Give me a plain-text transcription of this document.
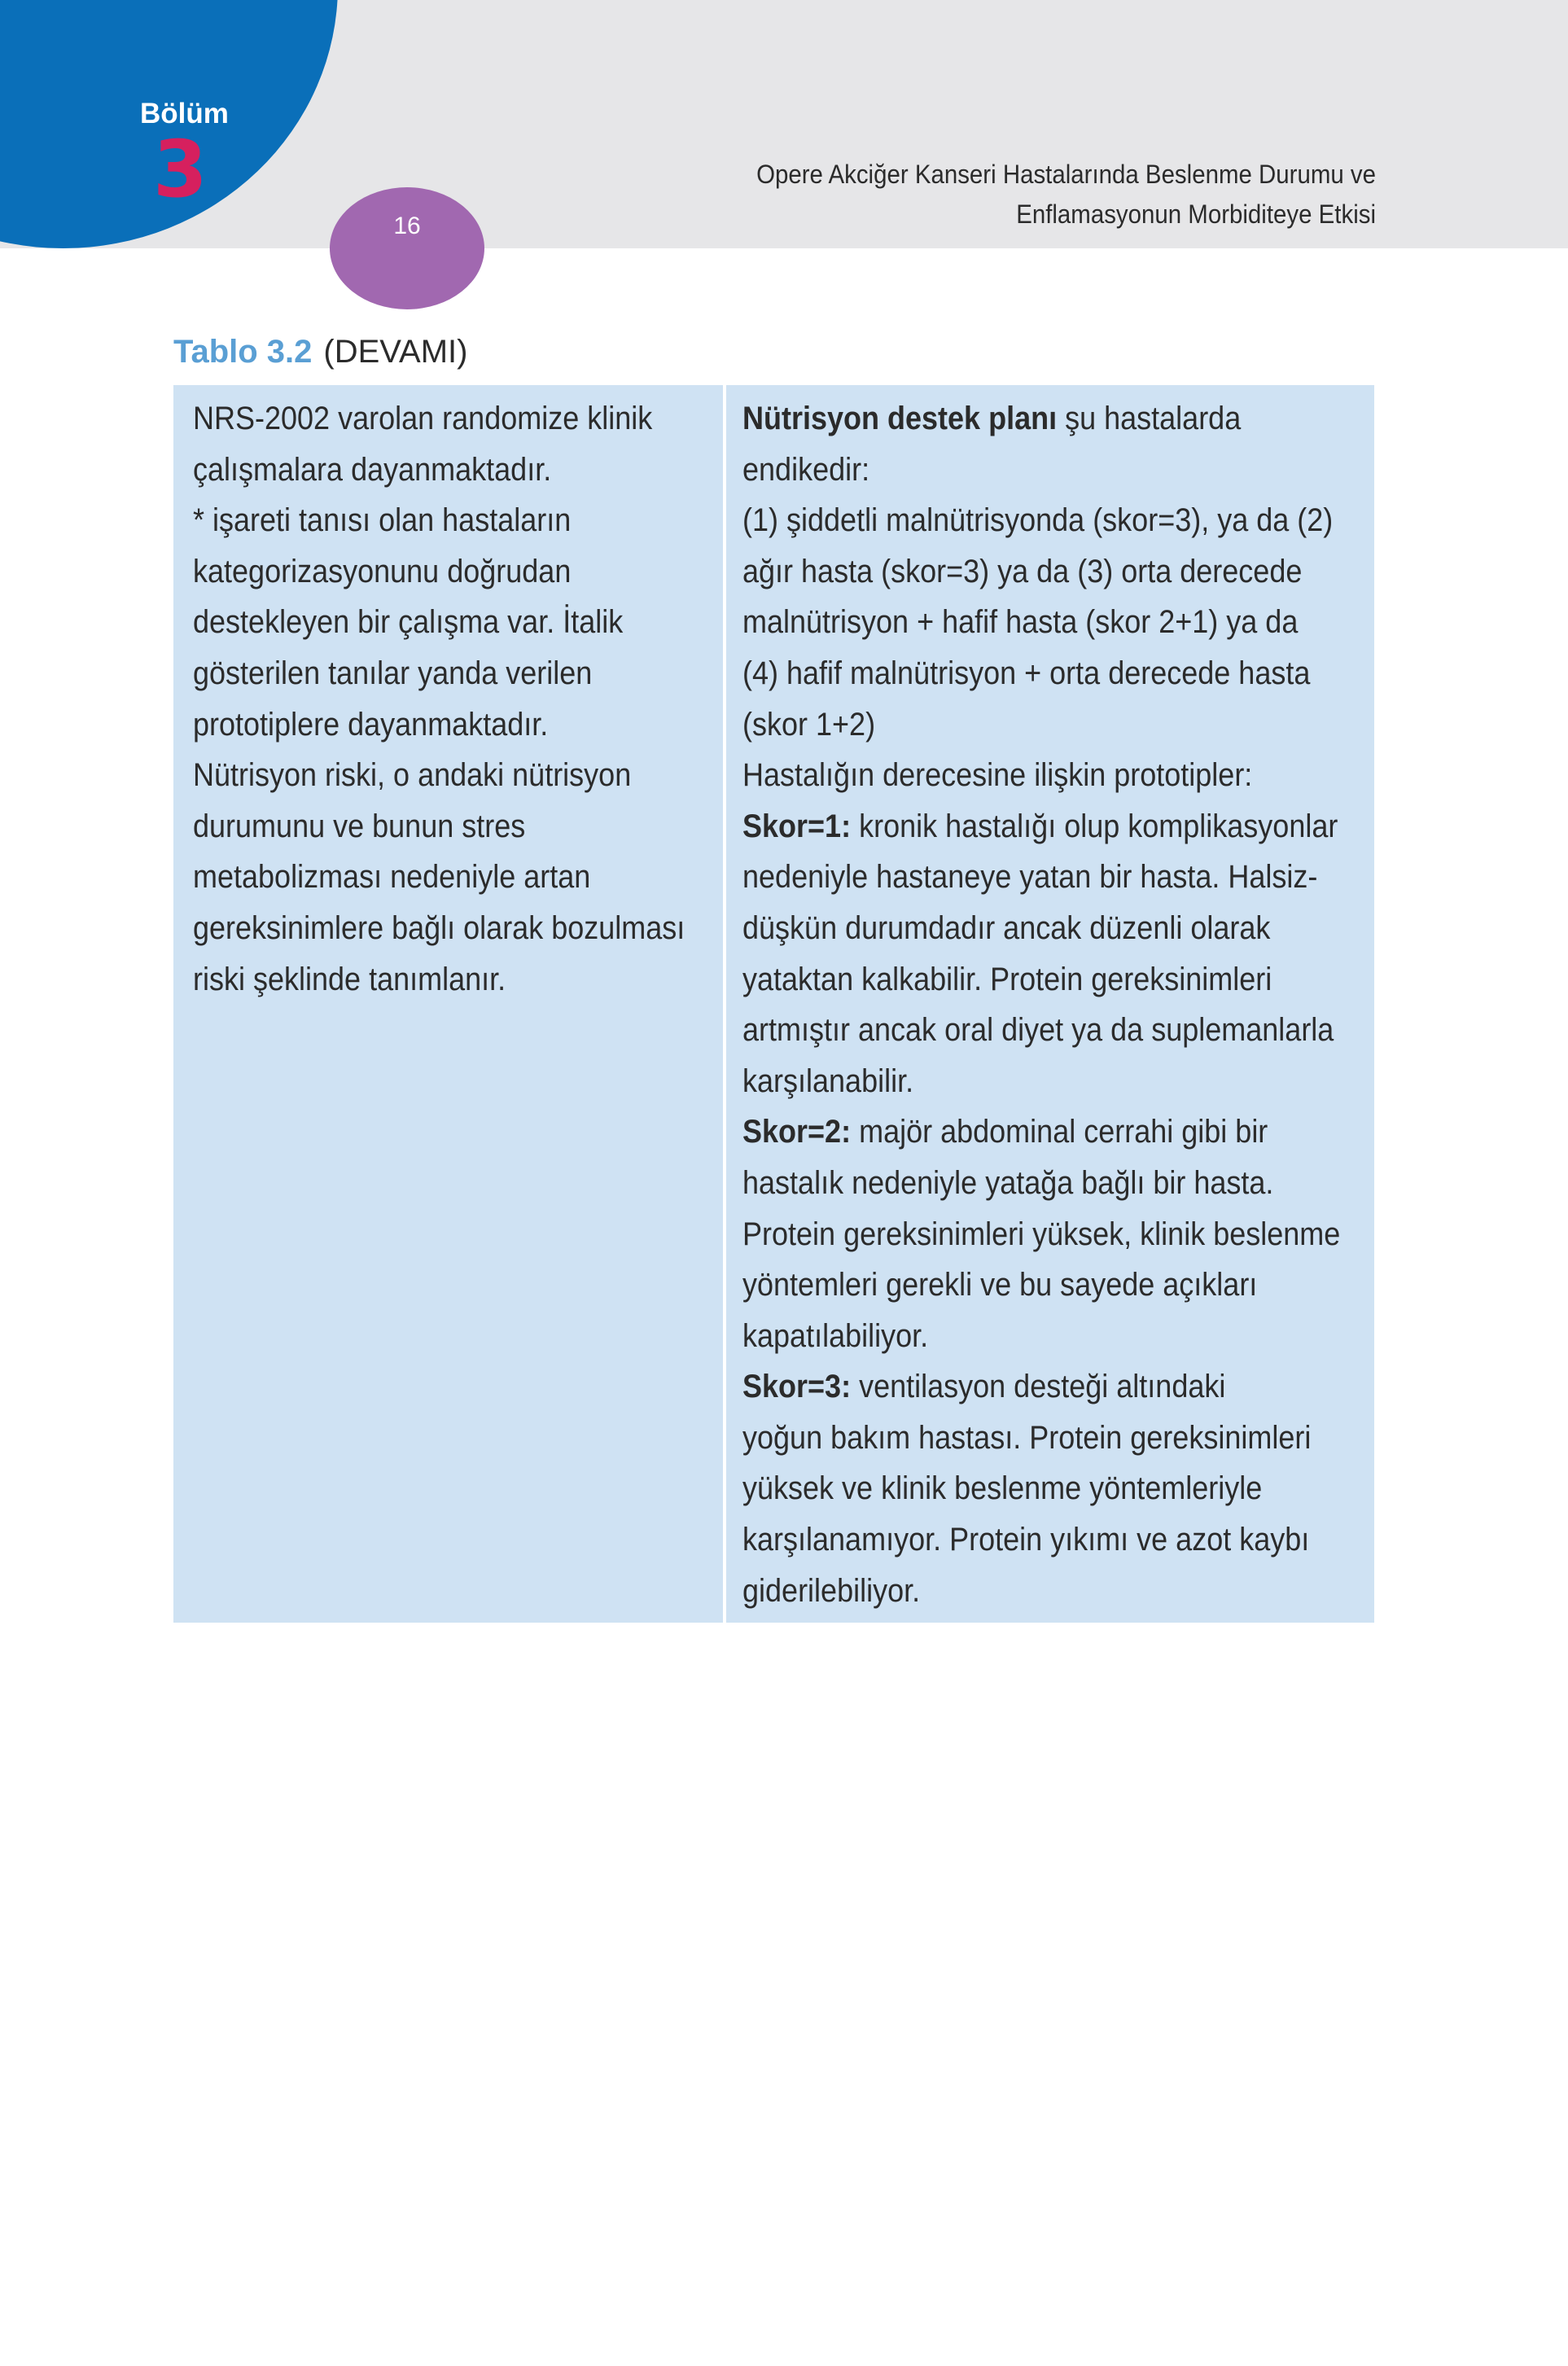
Bölüm
3
16
Opere Akciğer Kanseri Hastalarında Beslenme Durumu ve
Enflamasyonun Morbiditeye Etkisi
Tablo 3.2 (DEVAMI)
NRS-2002 varolan randomize klinik
çalışmalara dayanmaktadır.
* işareti tanısı olan hastaların
kategorizasyonunu doğrudan
destekleyen bir çalışma var. İtalik
gösterilen tanılar yanda verilen
prototiplere dayanmaktadır.
Nütrisyon riski, o andaki nütrisyon
durumunu ve bunun stres
metabolizması nedeniyle artan
gereksinimlere bağlı olarak bozulması
riski şeklinde tanımlanır.
Nütrisyon destek planı şu hastalarda
endikedir:
(1) şiddetli malnütrisyonda (skor=3), ya da (2)
ağır hasta (skor=3) ya da (3) orta derecede
malnütrisyon + hafif hasta (skor 2+1) ya da
(4) hafif malnütrisyon + orta derecede hasta
(skor 1+2)
Hastalığın derecesine ilişkin prototipler:
Skor=1: kronik hastalığı olup komplikasyonlar
nedeniyle hastaneye yatan bir hasta. Halsiz-
düşkün durumdadır ancak düzenli olarak
yataktan kalkabilir. Protein gereksinimleri
artmıştır ancak oral diyet ya da suplemanlarla
karşılanabilir.
Skor=2: majör abdominal cerrahi gibi bir
hastalık nedeniyle yatağa bağlı bir hasta.
Protein gereksinimleri yüksek, klinik beslenme
yöntemleri gerekli ve bu sayede açıkları
kapatılabiliyor.
Skor=3: ventilasyon desteği altındaki
yoğun bakım hastası. Protein gereksinimleri
yüksek ve klinik beslenme yöntemleriyle
karşılanamıyor. Protein yıkımı ve azot kaybı
giderilebiliyor.
